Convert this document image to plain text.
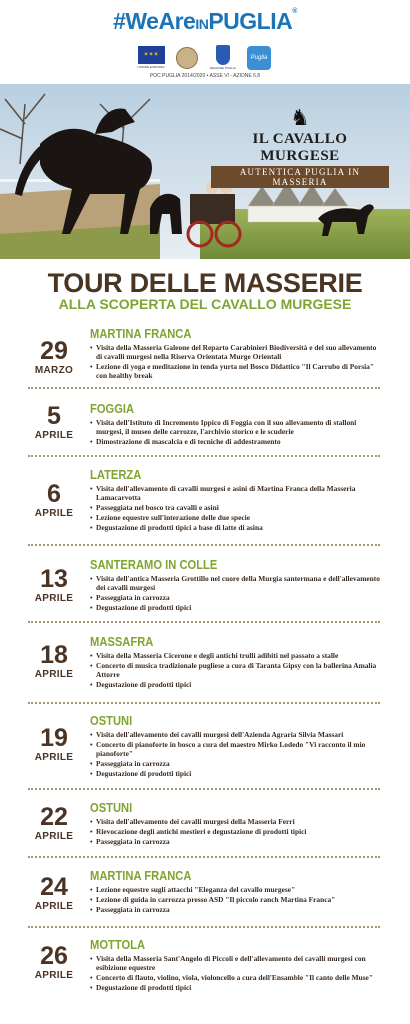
#WeAreINPUGLIA®
✶✶✶
UNIONE EUROPEA	REGIONE PUGLIA
Puglia
POC PUGLIA 2014/2020 • ASSE VI - AZIONE 6.8
♞
IL CAVALLO MURGESE
AUTENTICA PUGLIA IN MASSERIA
TOUR DELLE MASSERIE
ALLA SCOPERTA DEL CAVALLO MURGESE
29
MARZO
MARTINA FRANCA
• Visita della Masseria Galeone del Reparto Carabinieri Biodiversità e del suo allevamento di cavalli murgesi nella Riserva Orientata Murge Orientali
• Lezione di yoga e meditazione in tenda yurta nel Bosco Didattico "Il Carrubo di Porsia" con healthy break
5
APRILE
FOGGIA
• Visita dell'Istituto di Incremento Ippico di Foggia con il suo allevamento di stalloni murgesi, il museo delle carrozze, l'archivio storico e le scuderie
• Dimostrazione di mascalcia e di tecniche di addestramento
6
APRILE
LATERZA
• Visita dell'allevamento di cavalli murgesi e asini di Martina Franca della Masseria Lamacarvotta
• Passeggiata nel bosco tra cavalli e asini
• Lezione equestre sull'interazione delle due specie
• Degustazione di prodotti tipici a base di latte di asina
13
APRILE
SANTERAMO IN COLLE
• Visita dell'antica Masseria Grottillo nel cuore della Murgia santermana e dell'allevamento dei cavalli murgesi
• Passeggiata in carrozza
• Degustazione di prodotti tipici
18
APRILE
MASSAFRA
• Visita della Masseria Cicerone e degli antichi trulli adibiti nel passato a stalle
• Concerto di musica tradizionale pugliese a cura di Taranta Gipsy con la ballerina Amalia Attorre
• Degustazione di prodotti tipici
19
APRILE
OSTUNI
• Visita dell'allevamento dei cavalli murgesi dell'Azienda Agraria Silvia Massari
• Concerto di pianoforte in bosco a cura del maestro Mirko Lodedo "Vi racconto il mio pianoforte"
• Passeggiata in carrozza
• Degustazione di prodotti tipici
22
APRILE
OSTUNI
• Visita dell'allevamento dei cavalli murgesi della Masseria Ferri
• Rievocazione degli antichi mestieri e degustazione di prodotti tipici
• Passeggiata in carrozza
24
APRILE
MARTINA FRANCA
• Lezione equestre sugli attacchi "Eleganza del cavallo murgese"
• Lezione di guida in carrozza presso ASD "Il piccolo ranch Martina Franca"
• Passeggiata in carrozza
26
APRILE
MOTTOLA
• Visita della Masseria Sant'Angelo di Piccoli e dell'allevamento dei cavalli murgesi con esibizione equestre
• Concerto di flauto, violino, viola, violoncello a cura dell'Ensamble "Il canto delle Muse"
• Degustazione di prodotti tipici
